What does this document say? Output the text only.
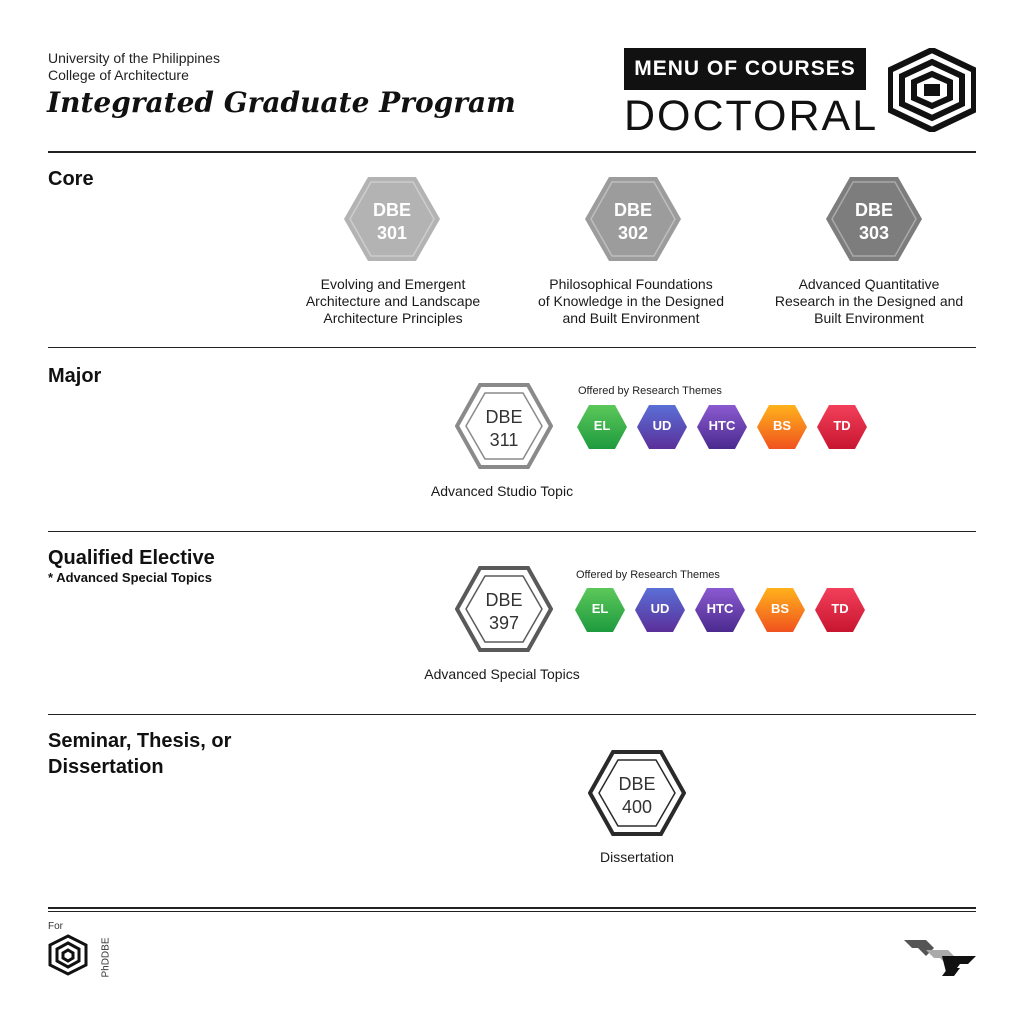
University of the Philippines
College of Architecture
Integrated Graduate Program
MENU OF COURSES
DOCTORAL
Core
DBE
301
Evolving and Emergent
Architecture and Landscape
Architecture Principles
DBE
302
Philosophical Foundations
of Knowledge in the Designed
and Built Environment
DBE
303
Advanced Quantitative
Research in the Designed and
Built Environment
Major
DBE
311
Advanced Studio Topic
Offered by Research Themes
EL	UD	HTC	BS	TD
Qualified Elective
* Advanced Special Topics
DBE
397
Advanced Special Topics
Offered by Research Themes
EL	UD	HTC	BS	TD
Seminar, Thesis, or
Dissertation
DBE
400
Dissertation
For
PhDDBE
